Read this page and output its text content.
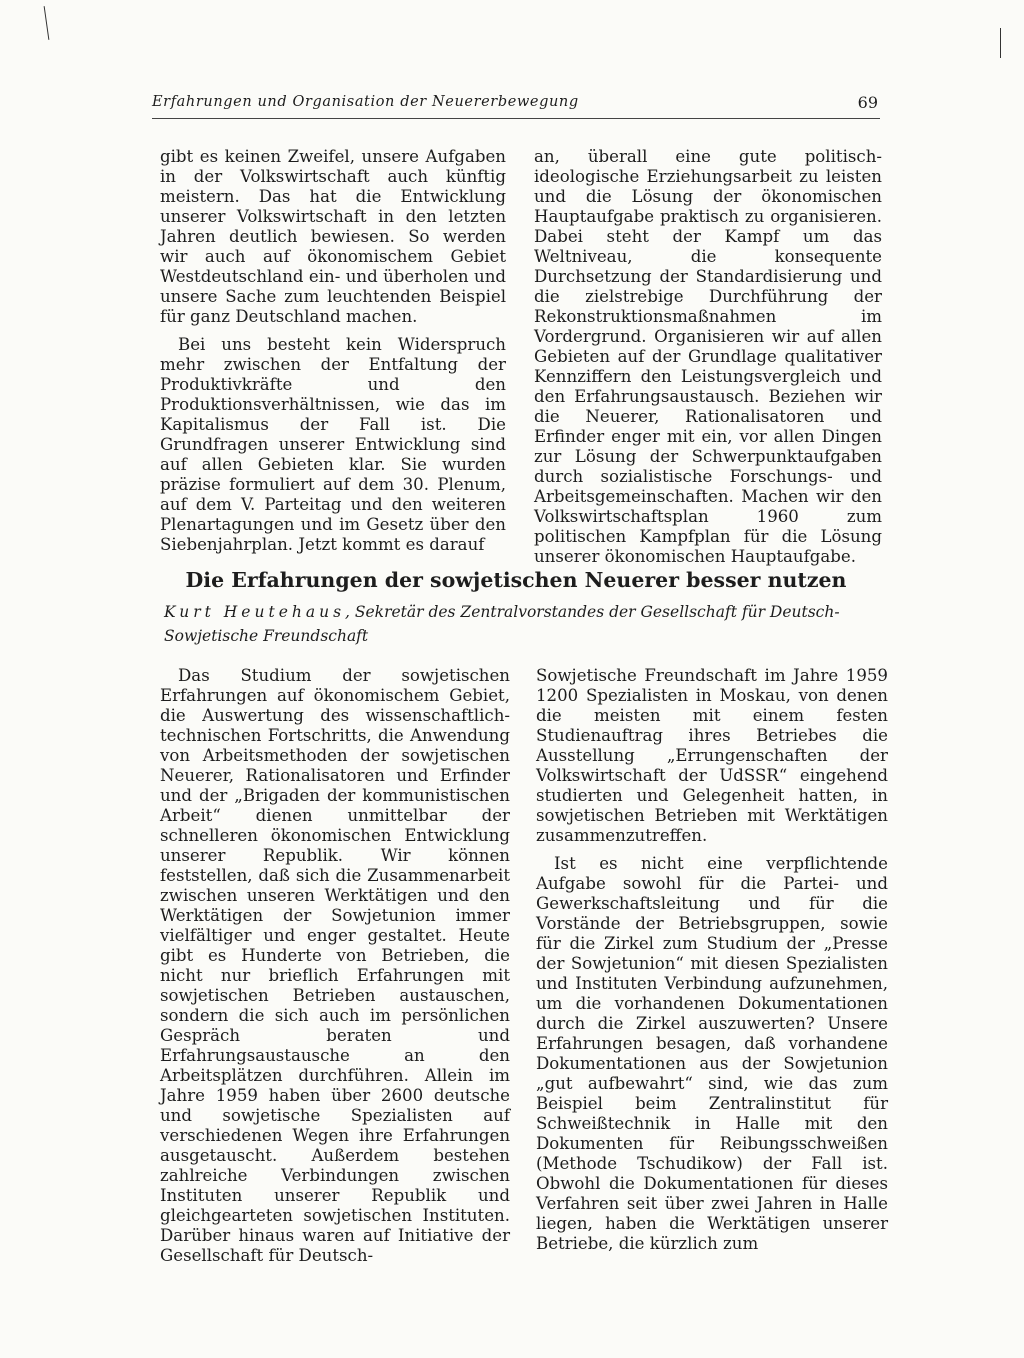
Erfahrungen und Organisation der Neuererbewegung	69

gibt es keinen Zweifel, unsere Aufgaben in der Volkswirtschaft auch künftig meistern. Das hat die Entwicklung unserer Volkswirtschaft in den letzten Jahren deutlich bewiesen. So werden wir auch auf ökonomischem Gebiet Westdeutschland ein- und überholen und unsere Sache zum leuchtenden Beispiel für ganz Deutschland machen.

Bei uns besteht kein Widerspruch mehr zwischen der Entfaltung der Produktivkräfte und den Produktionsverhältnissen, wie das im Kapitalismus der Fall ist. Die Grundfragen unserer Entwicklung sind auf allen Gebieten klar. Sie wurden präzise formuliert auf dem 30. Plenum, auf dem V. Parteitag und den weiteren Plenartagungen und im Gesetz über den Siebenjahrplan. Jetzt kommt es darauf

an, überall eine gute politisch-ideologische Erziehungsarbeit zu leisten und die Lösung der ökonomischen Hauptaufgabe praktisch zu organisieren. Dabei steht der Kampf um das Weltniveau, die konsequente Durchsetzung der Standardisierung und die zielstrebige Durchführung der Rekonstruktionsmaßnahmen im Vordergrund. Organisieren wir auf allen Gebieten auf der Grundlage qualitativer Kennziffern den Leistungsvergleich und den Erfahrungsaustausch. Beziehen wir die Neuerer, Rationalisatoren und Erfinder enger mit ein, vor allen Dingen zur Lösung der Schwerpunktaufgaben durch sozialistische Forschungs- und Arbeitsgemeinschaften. Machen wir den Volkswirtschaftsplan 1960 zum politischen Kampfplan für die Lösung unserer ökonomischen Hauptaufgabe.

Die Erfahrungen der sowjetischen Neuerer besser nutzen
Kurt Heutehaus, Sekretär des Zentralvorstandes der Gesellschaft für Deutsch-Sowjetische Freundschaft

Das Studium der sowjetischen Erfahrungen auf ökonomischem Gebiet, die Auswertung des wissenschaftlich-technischen Fortschritts, die Anwendung von Arbeitsmethoden der sowjetischen Neuerer, Rationalisatoren und Erfinder und der „Brigaden der kommunistischen Arbeit“ dienen unmittelbar der schnelleren ökonomischen Entwicklung unserer Republik. Wir können feststellen, daß sich die Zusammenarbeit zwischen unseren Werktätigen und den Werktätigen der Sowjetunion immer vielfältiger und enger gestaltet. Heute gibt es Hunderte von Betrieben, die nicht nur brieflich Erfahrungen mit sowjetischen Betrieben austauschen, sondern die sich auch im persönlichen Gespräch beraten und Erfahrungsaustausche an den Arbeitsplätzen durchführen. Allein im Jahre 1959 haben über 2600 deutsche und sowjetische Spezialisten auf verschiedenen Wegen ihre Erfahrungen ausgetauscht. Außerdem bestehen zahlreiche Verbindungen zwischen Instituten unserer Republik und gleichgearteten sowjetischen Instituten. Darüber hinaus waren auf Initiative der Gesellschaft für Deutsch-

Sowjetische Freundschaft im Jahre 1959 1200 Spezialisten in Moskau, von denen die meisten mit einem festen Studienauftrag ihres Betriebes die Ausstellung „Errungenschaften der Volkswirtschaft der UdSSR“ eingehend studierten und Gelegenheit hatten, in sowjetischen Betrieben mit Werktätigen zusammenzutreffen.

Ist es nicht eine verpflichtende Aufgabe sowohl für die Partei- und Gewerkschaftsleitung und für die Vorstände der Betriebsgruppen, sowie für die Zirkel zum Studium der „Presse der Sowjetunion“ mit diesen Spezialisten und Instituten Verbindung aufzunehmen, um die vorhandenen Dokumentationen durch die Zirkel auszuwerten? Unsere Erfahrungen besagen, daß vorhandene Dokumentationen aus der Sowjetunion „gut aufbewahrt“ sind, wie das zum Beispiel beim Zentralinstitut für Schweißtechnik in Halle mit den Dokumenten für Reibungsschweißen (Methode Tschudikow) der Fall ist. Obwohl die Dokumentationen für dieses Verfahren seit über zwei Jahren in Halle liegen, haben die Werktätigen unserer Betriebe, die kürzlich zum
